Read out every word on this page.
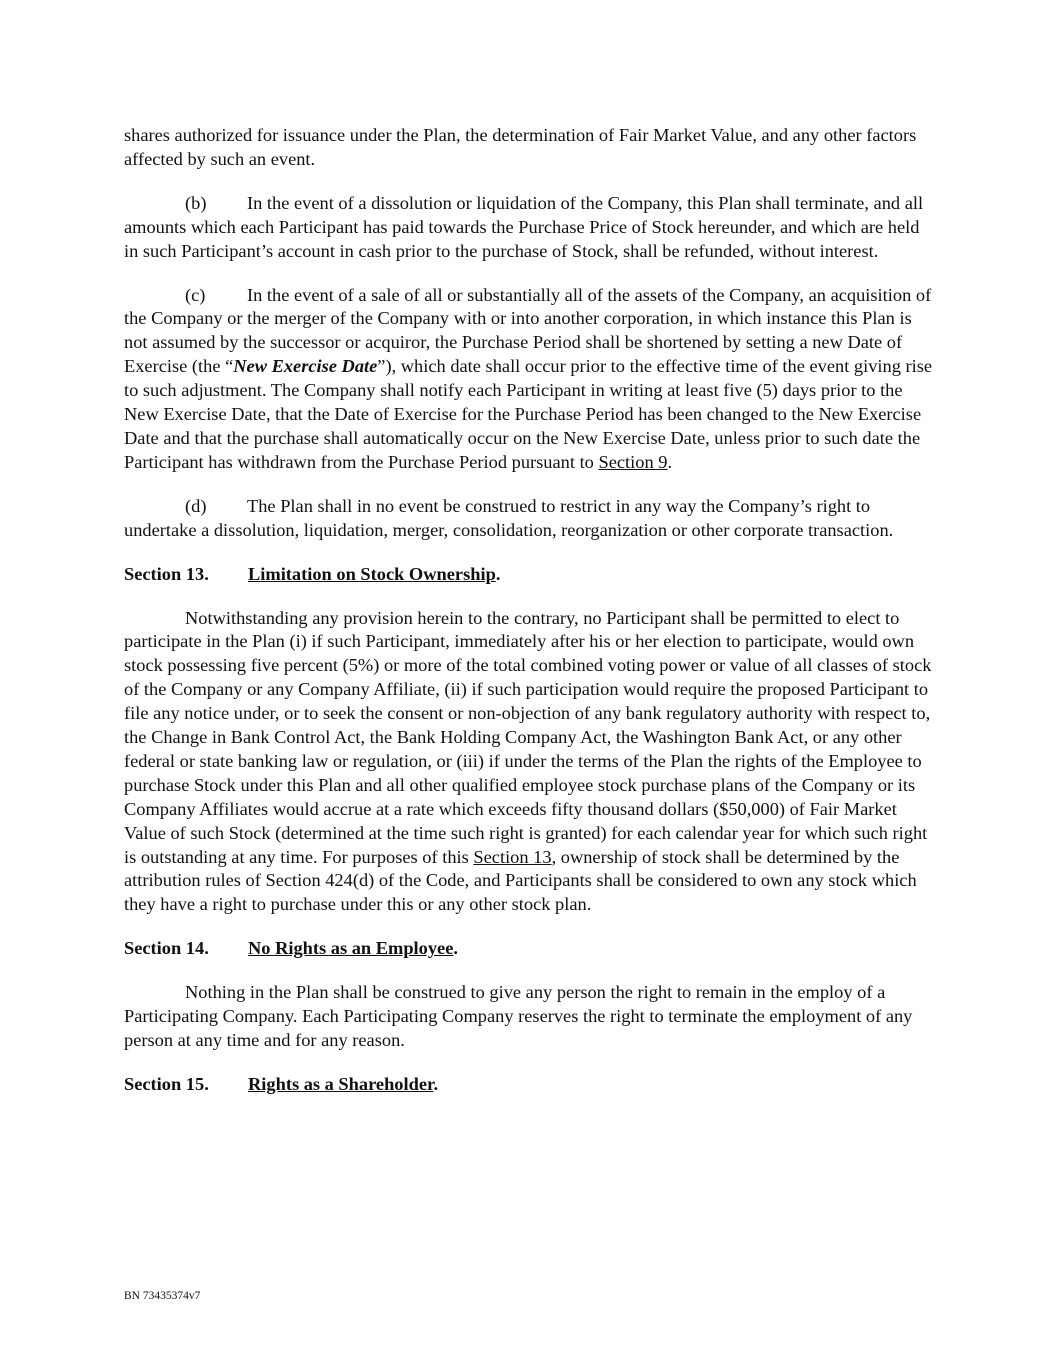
shares authorized for issuance under the Plan, the determination of Fair Market Value, and any other factors affected by such an event.

(b) In the event of a dissolution or liquidation of the Company, this Plan shall terminate, and all amounts which each Participant has paid towards the Purchase Price of Stock hereunder, and which are held in such Participant’s account in cash prior to the purchase of Stock, shall be refunded, without interest.

(c) In the event of a sale of all or substantially all of the assets of the Company, an acquisition of the Company or the merger of the Company with or into another corporation, in which instance this Plan is not assumed by the successor or acquiror, the Purchase Period shall be shortened by setting a new Date of Exercise (the “New Exercise Date”), which date shall occur prior to the effective time of the event giving rise to such adjustment. The Company shall notify each Participant in writing at least five (5) days prior to the New Exercise Date, that the Date of Exercise for the Purchase Period has been changed to the New Exercise Date and that the purchase shall automatically occur on the New Exercise Date, unless prior to such date the Participant has withdrawn from the Purchase Period pursuant to Section 9.

(d) The Plan shall in no event be construed to restrict in any way the Company’s right to undertake a dissolution, liquidation, merger, consolidation, reorganization or other corporate transaction.

Section 13. Limitation on Stock Ownership.

Notwithstanding any provision herein to the contrary, no Participant shall be permitted to elect to participate in the Plan (i) if such Participant, immediately after his or her election to participate, would own stock possessing five percent (5%) or more of the total combined voting power or value of all classes of stock of the Company or any Company Affiliate, (ii) if such participation would require the proposed Participant to file any notice under, or to seek the consent or non-objection of any bank regulatory authority with respect to, the Change in Bank Control Act, the Bank Holding Company Act, the Washington Bank Act, or any other federal or state banking law or regulation, or (iii) if under the terms of the Plan the rights of the Employee to purchase Stock under this Plan and all other qualified employee stock purchase plans of the Company or its Company Affiliates would accrue at a rate which exceeds fifty thousand dollars ($50,000) of Fair Market Value of such Stock (determined at the time such right is granted) for each calendar year for which such right is outstanding at any time. For purposes of this Section 13, ownership of stock shall be determined by the attribution rules of Section 424(d) of the Code, and Participants shall be considered to own any stock which they have a right to purchase under this or any other stock plan.

Section 14. No Rights as an Employee.

Nothing in the Plan shall be construed to give any person the right to remain in the employ of a Participating Company. Each Participating Company reserves the right to terminate the employment of any person at any time and for any reason.

Section 15. Rights as a Shareholder.

BN 73435374v7
